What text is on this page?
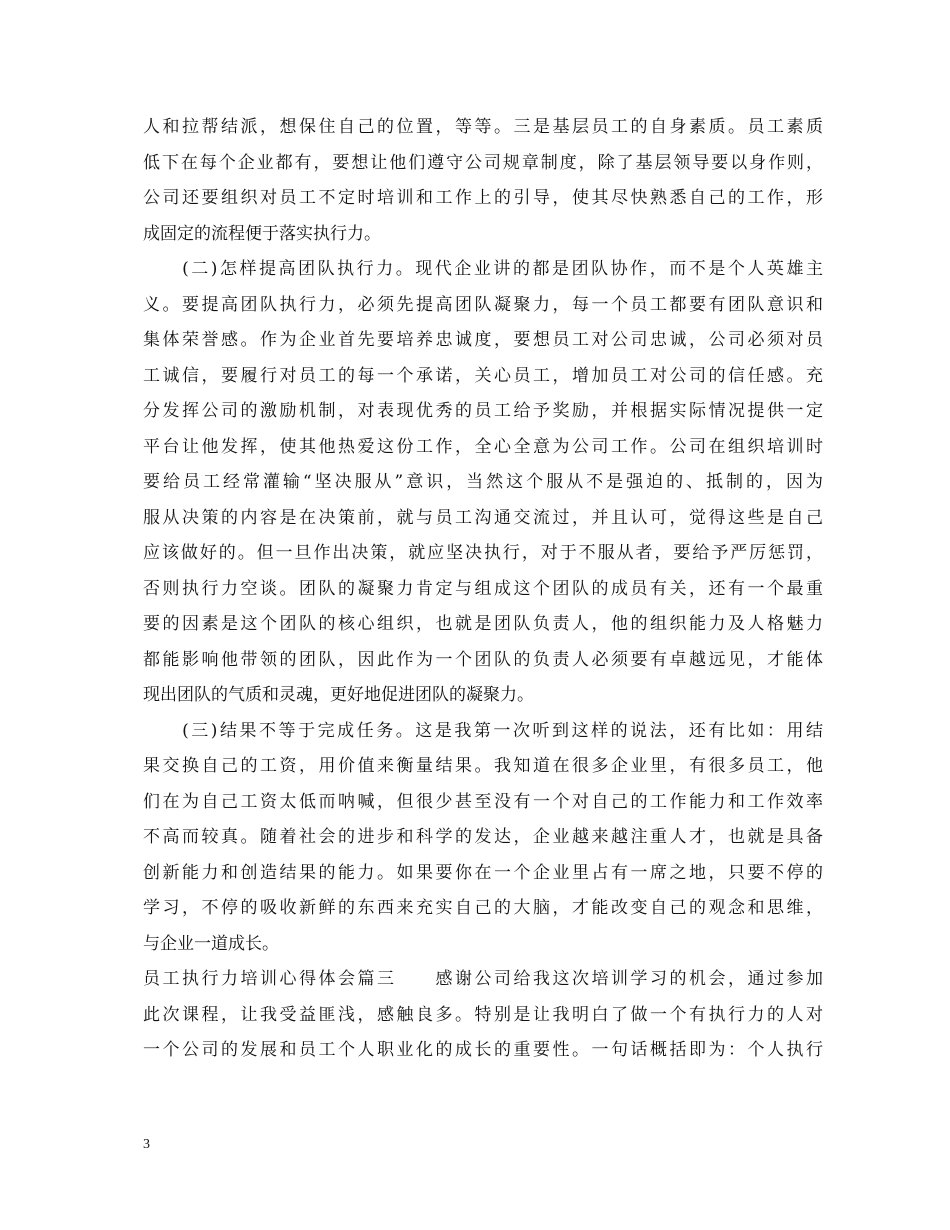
人和拉帮结派，想保住自己的位置，等等。三是基层员工的自身素质。员工素质
低下在每个企业都有，要想让他们遵守公司规章制度，除了基层领导要以身作则，
公司还要组织对员工不定时培训和工作上的引导，使其尽快熟悉自己的工作，形
成固定的流程便于落实执行力。
　　(二)怎样提高团队执行力。现代企业讲的都是团队协作，而不是个人英雄主
义。要提高团队执行力，必须先提高团队凝聚力，每一个员工都要有团队意识和
集体荣誉感。作为企业首先要培养忠诚度，要想员工对公司忠诚，公司必须对员
工诚信，要履行对员工的每一个承诺，关心员工，增加员工对公司的信任感。充
分发挥公司的激励机制，对表现优秀的员工给予奖励，并根据实际情况提供一定
平台让他发挥，使其他热爱这份工作，全心全意为公司工作。公司在组织培训时
要给员工经常灌输“坚决服从”意识，当然这个服从不是强迫的、抵制的，因为
服从决策的内容是在决策前，就与员工沟通交流过，并且认可，觉得这些是自己
应该做好的。但一旦作出决策，就应坚决执行，对于不服从者，要给予严厉惩罚，
否则执行力空谈。团队的凝聚力肯定与组成这个团队的成员有关，还有一个最重
要的因素是这个团队的核心组织，也就是团队负责人，他的组织能力及人格魅力
都能影响他带领的团队，因此作为一个团队的负责人必须要有卓越远见，才能体
现出团队的气质和灵魂，更好地促进团队的凝聚力。
　　(三)结果不等于完成任务。这是我第一次听到这样的说法，还有比如：用结
果交换自己的工资，用价值来衡量结果。我知道在很多企业里，有很多员工，他
们在为自己工资太低而呐喊，但很少甚至没有一个对自己的工作能力和工作效率
不高而较真。随着社会的进步和科学的发达，企业越来越注重人才，也就是具备
创新能力和创造结果的能力。如果要你在一个企业里占有一席之地，只要不停的
学习，不停的吸收新鲜的东西来充实自己的大脑，才能改变自己的观念和思维，
与企业一道成长。
员工执行力培训心得体会篇三　　感谢公司给我这次培训学习的机会，通过参加
此次课程，让我受益匪浅，感触良多。特别是让我明白了做一个有执行力的人对
一个公司的发展和员工个人职业化的成长的重要性。一句话概括即为：个人执行
3
